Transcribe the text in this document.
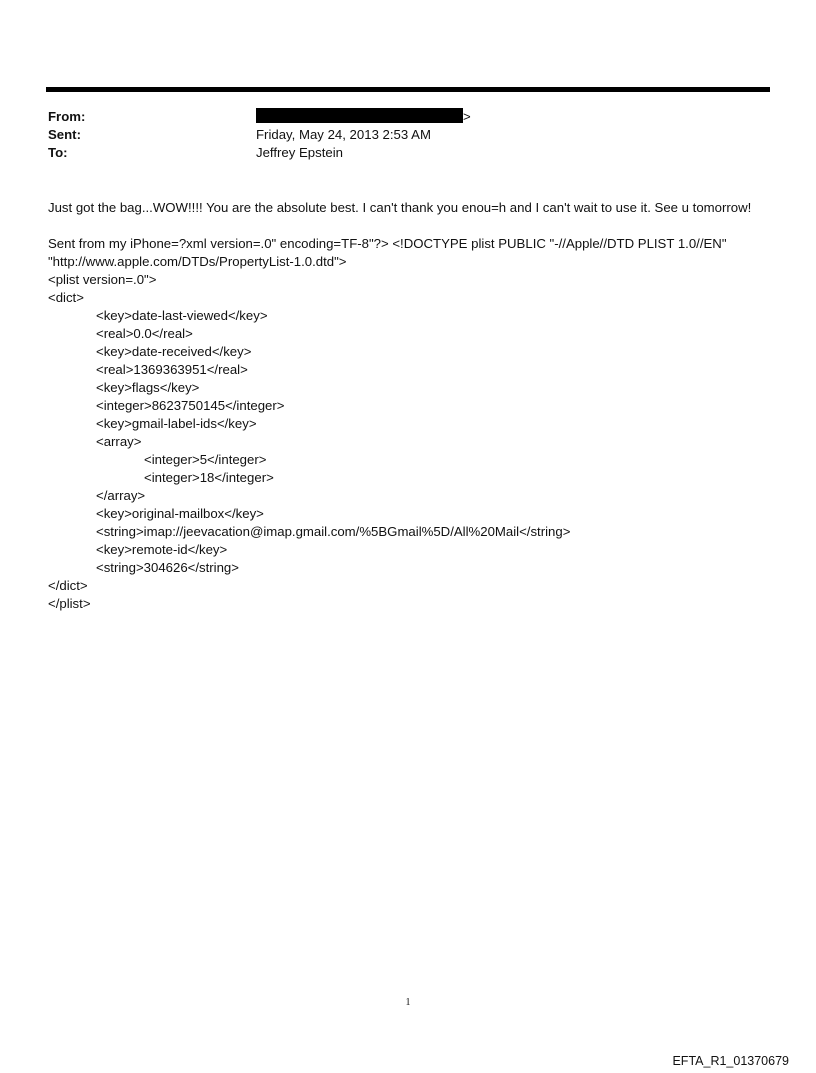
From:	>
Sent:	Friday, May 24, 2013 2:53 AM
To:	Jeffrey Epstein

Just got the bag...WOW!!!! You are the absolute best. I can't thank you enou=h and I can't wait to use it. See u tomorrow!

Sent from my iPhone=?xml version=.0" encoding=TF-8"?> <!DOCTYPE plist PUBLIC "-//Apple//DTD PLIST 1.0//EN" "http://www.apple.com/DTDs/PropertyList-1.0.dtd">

<plist version=.0">
<dict>
<key>date-last-viewed</key>
<real>0.0</real>
<key>date-received</key>
<real>1369363951</real>
<key>flags</key>
<integer>8623750145</integer>
<key>gmail-label-ids</key>
<array>
<integer>5</integer>
<integer>18</integer>
</array>
<key>original-mailbox</key>
<string>imap://jeevacation@imap.gmail.com/%5BGmail%5D/All%20Mail</string>
<key>remote-id</key>
<string>304626</string>
</dict>
</plist>
1
EFTA_R1_01370679
